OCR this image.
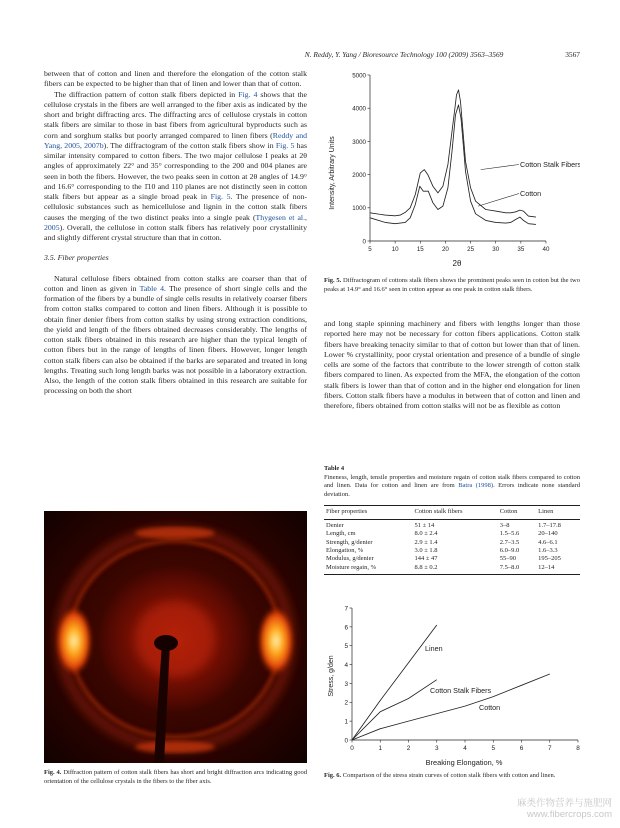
N. Reddy, Y. Yang / Bioresource Technology 100 (2009) 3563–3569	3567

between that of cotton and linen and therefore the elongation of the cotton stalk fibers can be expected to be higher than that of linen and lower than that of cotton.

The diffraction pattern of cotton stalk fibers depicted in Fig. 4 shows that the cellulose crystals in the fibers are well arranged to the fiber axis as indicated by the short and bright diffracting arcs. The diffracting arcs of cellulose crystals in cotton stalk fibers are similar to those in bast fibers from agricultural byproducts such as corn and sorghum stalks but poorly arranged compared to linen fibers (Reddy and Yang, 2005, 2007b). The diffractogram of the cotton stalk fibers show in Fig. 5 has similar intensity compared to cotton fibers. The two major cellulose I peaks at 2θ angles of approximately 22° and 35° corresponding to the 200 and 004 planes are seen in both the fibers. However, the two peaks seen in cotton at 2θ angles of 14.9° and 16.6° corresponding to the 1̄10 and 110 planes are not distinctly seen in cotton stalk fibers but appear as a single broad peak in Fig. 5. The presence of non-cellulosic substances such as hemicellulose and lignin in the cotton stalk fibers causes the merging of the two distinct peaks into a single peak (Thygesen et al., 2005). Overall, the cellulose in cotton stalk fibers has relatively poor crystallinity and slightly different crystal structure than that in cotton.

3.5. Fiber properties

Natural cellulose fibers obtained from cotton stalks are coarser than that of cotton and linen as given in Table 4. The presence of short single cells and the formation of the fibers by a bundle of single cells results in relatively coarser fibers from cotton stalks compared to cotton and linen fibers. Although it is possible to obtain finer denier fibers from cotton stalks by using strong extraction conditions, the yield and length of the fibers obtained decreases considerably. The lengths of cotton stalk fibers obtained in this research are higher than the typical length of cotton fibers but in the range of lengths of linen fibers. However, longer length cotton stalk fibers can also be obtained if the barks are separated and treated in long lengths. Treating such long length barks was not possible in a laboratory extraction. Also, the length of the cotton stalk fibers obtained in this research are suitable for processing on both the short

Fig. 4. Diffraction pattern of cotton stalk fibers has short and bright diffraction arcs indicating good orientation of the cellulose crystals in the fibers to the fiber axis.
5	10	15	20	25	30	35	40
0
1000
2000
3000
4000
5000
Intensity, Arbitrary Units
2θ
Cotton Stalk Fibers
Cotton
Fig. 5. Diffractogram of cottons stalk fibers shows the prominent peaks seen in cotton but the two peaks at 14.9° and 16.6° seen in cotton appear as one peak in cotton stalk fibers.

and long staple spinning machinery and fibers with lengths longer than those reported here may not be necessary for cotton fibers applications. Cotton stalk fibers have breaking tenacity similar to that of cotton but lower than that of linen. Lower % crystallinity, poor crystal orientation and presence of a bundle of single cells are some of the factors that contribute to the lower strength of cotton stalk fibers compared to linen. As expected from the MFA, the elongation of the cotton stalk fibers is lower than that of cotton and in the higher end elongation for linen fibers. Cotton stalk fibers have a modulus in between that of cotton and linen and therefore, fibers obtained from cotton stalks will not be as flexible as cotton

Table 4
Fineness, length, tensile properties and moisture regain of cotton stalk fibers compared to cotton and linen. Data for cotton and linen are from Batra (1998). Errors indicate none standard deviation.
Fiber properties	Cotton stalk fibers	Cotton	Linen
Denier	51 ± 14	3–8	1.7–17.8
Length, cm	8.0 ± 2.4	1.5–5.6	20–140
Strength, g/denier	2.9 ± 1.4	2.7–3.5	4.6–6.1
Elongation, %	3.0 ± 1.8	6.0–9.0	1.6–3.3
Modulus, g/denier	144 ± 47	55–90	195–205
Moisture regain, %	8.8 ± 0.2	7.5–8.0	12–14
0	1	2	3	4	5	6	7	8
0
1
2
3
4
5
6
7
Stress, g/den
Breaking Elongation, %
Linen
Cotton Stalk Fibers
Cotton
Fig. 6. Comparison of the stress strain curves of cotton stalk fibers with cotton and linen.
麻类作物营养与施肥网
www.fibercrops.com
